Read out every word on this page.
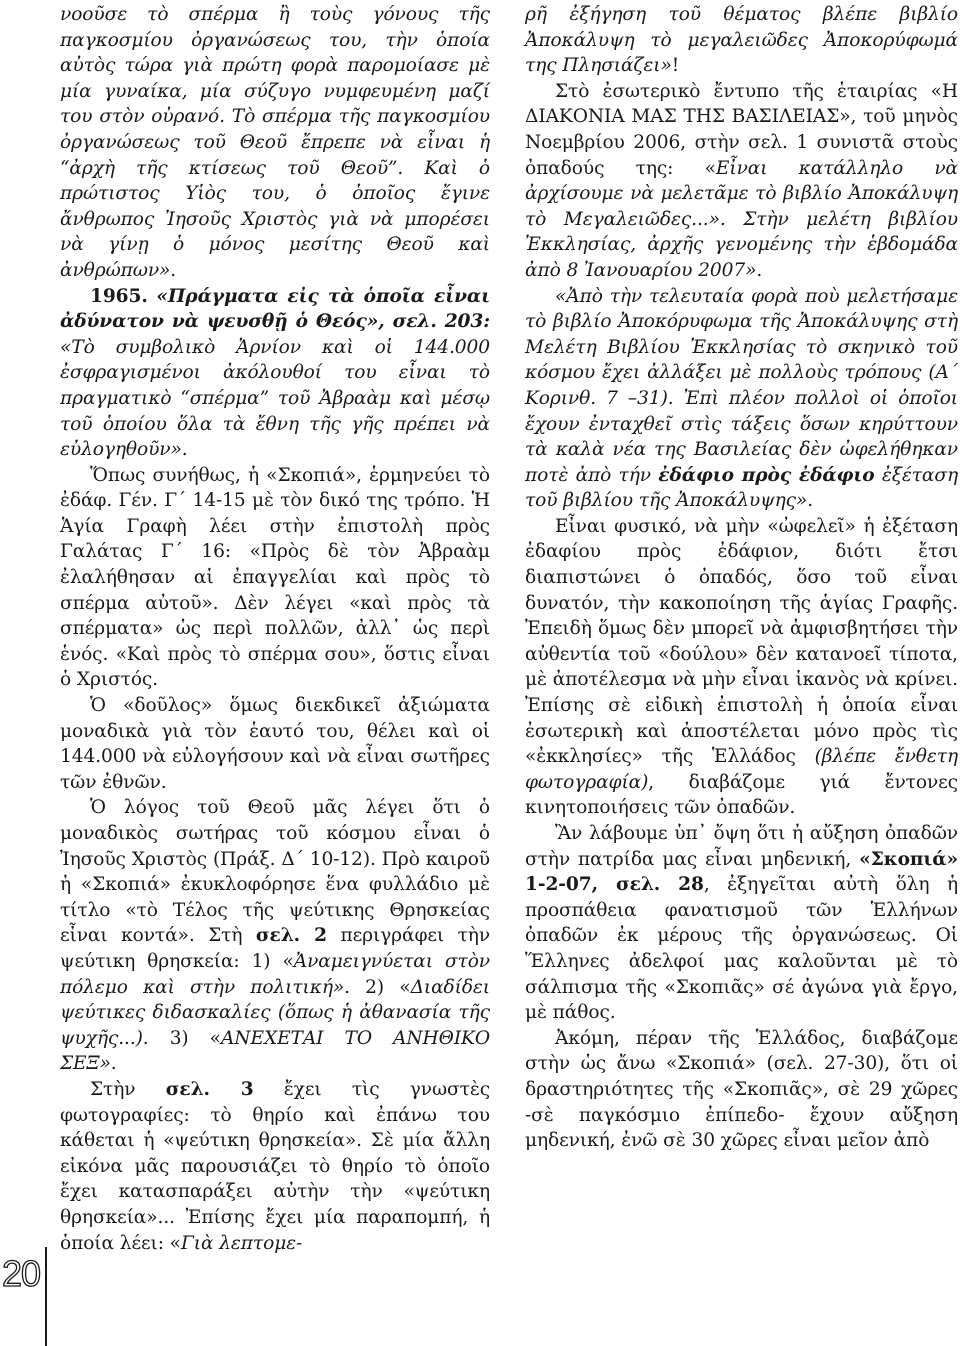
νοοῦσε τὸ σπέρμα ἢ τοὺς γόνους τῆς παγκοσμίου ὀργανώσεως του, τὴν ὁποία αὐτὸς τώρα γιὰ πρώτη φορὰ παρομοίασε μὲ μία γυναίκα, μία σύζυγο νυμφευμένη μαζί του στὸν οὐρανό. Τὸ σπέρμα τῆς παγκοσμίου ὀργανώσεως τοῦ Θεοῦ ἔπρεπε νὰ εἶναι ἡ “ἀρχὴ τῆς κτίσεως τοῦ Θεοῦ”. Καὶ ὁ πρώτιστος Υἱὸς του, ὁ ὁποῖος ἔγινε ἄνθρωπος Ἰησοῦς Χριστὸς γιὰ νὰ μπορέσει νὰ γίνῃ ὁ μόνος μεσίτης Θεοῦ καὶ ἀνθρώπων».

1965. «Πράγματα εἰς τὰ ὁποῖα εἶναι ἀδύνατον νὰ ψευσθῇ ὁ Θεός», σελ. 203: «Τὸ συμβολικὸ Ἀρνίον καὶ οἱ 144.000 ἐσφραγισμένοι ἀκόλουθοί του εἶναι τὸ πραγματικὸ “σπέρμα” τοῦ Ἀβραὰμ καὶ μέσῳ τοῦ ὁποίου ὅλα τὰ ἔθνη τῆς γῆς πρέπει νὰ εὐλογηθοῦν».

Ὅπως συνήθως, ἡ «Σκοπιά», ἑρμηνεύει τὸ ἐδάφ. Γέν. Γ΄ 14-15 μὲ τὸν δικό της τρόπο. Ἡ Ἁγία Γραφὴ λέει στὴν ἐπιστολὴ πρὸς Γαλάτας Γ΄ 16: «Πρὸς δὲ τὸν Ἀβραὰμ ἐλαλήθησαν αἱ ἐπαγγελίαι καὶ πρὸς τὸ σπέρμα αὐτοῦ». Δὲν λέγει «καὶ πρὸς τὰ σπέρματα» ὡς περὶ πολλῶν, ἀλλ᾽ ὡς περὶ ἑνός. «Καὶ πρὸς τὸ σπέρμα σου», ὅστις εἶναι ὁ Χριστός.

Ὁ «δοῦλος» ὅμως διεκδικεῖ ἀξιώματα μοναδικὰ γιὰ τὸν ἑαυτό του, θέλει καὶ οἱ 144.000 νὰ εὐλογήσουν καὶ νὰ εἶναι σωτῆρες τῶν ἐθνῶν.

Ὁ λόγος τοῦ Θεοῦ μᾶς λέγει ὅτι ὁ μοναδικὸς σωτήρας τοῦ κόσμου εἶναι ὁ Ἰησοῦς Χριστὸς (Πράξ. Δ΄ 10-12). Πρὸ καιροῦ ἡ «Σκοπιά» ἐκυκλοφόρησε ἕνα φυλλάδιο μὲ τίτλο «τὸ Τέλος τῆς ψεύτικης Θρησκείας εἶναι κοντά». Στὴ σελ. 2 περιγράφει τὴν ψεύτικη θρησκεία: 1) «Ἀναμειγνύεται στὸν πόλεμο καὶ στὴν πολιτική». 2) «Διαδίδει ψεύτικες διδασκαλίες (ὅπως ἡ ἀθανασία τῆς ψυχῆς...). 3) «ΑΝΕΧΕΤΑΙ ΤΟ ΑΝΗΘΙΚΟ ΣΕΞ».

Στὴν σελ. 3 ἔχει τὶς γνωστὲς φωτογραφίες: τὸ θηρίο καὶ ἐπάνω του κάθεται ἡ «ψεύτικη θρησκεία». Σὲ μία ἄλλη εἰκόνα μᾶς παρουσιάζει τὸ θηρίο τὸ ὁποῖο ἔχει κατασπαράξει αὐτὴν τὴν «ψεύτικη θρησκεία»... Ἐπίσης ἔχει μία παραπομπή, ἡ ὁποία λέει: «Γιὰ λεπτομε-

ρῆ ἐξήγηση τοῦ θέματος βλέπε βιβλίο Ἀποκάλυψη τὸ μεγαλειῶδες Ἀποκορύφωμά της Πλησιάζει»!

Στὸ ἐσωτερικὸ ἔντυπο τῆς ἑταιρίας «Η ΔΙΑΚΟΝΙΑ ΜΑΣ ΤΗΣ ΒΑΣΙΛΕΙΑΣ», τοῦ μηνὸς Νοεμβρίου 2006, στὴν σελ. 1 συνιστᾶ στοὺς ὀπαδούς της: «Εἶναι κατάλληλο νὰ ἀρχίσουμε νὰ μελετᾶμε τὸ βιβλίο Ἀποκάλυψη τὸ Μεγαλειῶδες...». Στὴν μελέτη βιβλίου Ἐκκλησίας, ἀρχῆς γενομένης τὴν ἑβδομάδα ἀπὸ 8 Ἰανουαρίου 2007».

«Ἀπὸ τὴν τελευταία φορὰ ποὺ μελετήσαμε τὸ βιβλίο Ἀποκόρυφωμα τῆς Ἀποκάλυψης στὴ Μελέτη Βιβλίου Ἐκκλησίας τὸ σκηνικὸ τοῦ κόσμου ἔχει ἀλλάξει μὲ πολλοὺς τρόπους (Α΄ Κορινθ. 7 –31). Ἐπὶ πλέον πολλοὶ οἱ ὁποῖοι ἔχουν ἐνταχθεῖ στὶς τάξεις ὅσων κηρύττουν τὰ καλὰ νέα της Βασιλείας δὲν ὠφελήθηκαν ποτὲ ἀπὸ τήν ἐδάφιο πρὸς ἐδάφιο ἐξέταση τοῦ βιβλίου τῆς Ἀποκάλυψης».

Εἶναι φυσικό, νὰ μὴν «ὠφελεῖ» ἡ ἐξέταση ἐδαφίου πρὸς ἐδάφιον, διότι ἔτσι διαπιστώνει ὁ ὀπαδός, ὅσο τοῦ εἶναι δυνατόν, τὴν κακοποίηση τῆς ἁγίας Γραφῆς. Ἐπειδὴ ὅμως δὲν μπορεῖ νὰ ἀμφισβητήσει τὴν αὐθεντία τοῦ «δούλου» δὲν κατανοεῖ τίποτα, μὲ ἀποτέλεσμα νὰ μὴν εἶναι ἱκανὸς νὰ κρίνει. Ἐπίσης σὲ εἰδικὴ ἐπιστολὴ ἡ ὁποία εἶναι ἐσωτερικὴ καὶ ἀποστέλεται μόνο πρὸς τὶς «ἐκκλησίες» τῆς Ἑλλάδος (βλέπε ἔνθετη φωτογραφία), διαβάζομε γιά ἔντονες κινητοποιήσεις τῶν ὀπαδῶν.

Ἂν λάβουμε ὑπ᾽ ὄψη ὅτι ἡ αὔξηση ὀπαδῶν στὴν πατρίδα μας εἶναι μηδενική, «Σκοπιά» 1-2-07, σελ. 28, ἐξηγεῖται αὐτὴ ὅλη ἡ προσπάθεια φανατισμοῦ τῶν Ἑλλήνων ὀπαδῶν ἐκ μέρους τῆς ὀργανώσεως. Οἱ Ἕλληνες ἀδελφοί μας καλοῦνται μὲ τὸ σάλπισμα τῆς «Σκοπιᾶς» σέ ἀγώνα γιὰ ἔργο, μὲ πάθος.

Ἀκόμη, πέραν τῆς Ἑλλάδος, διαβάζομε στὴν ὡς ἄνω «Σκοπιά» (σελ. 27-30), ὅτι οἱ δραστηριότητες τῆς «Σκοπιᾶς», σὲ 29 χῶρες -σὲ παγκόσμιο ἐπίπεδο- ἔχουν αὔξηση μηδενική, ἐνῶ σὲ 30 χῶρες εἶναι μεῖον ἀπὸ

20
